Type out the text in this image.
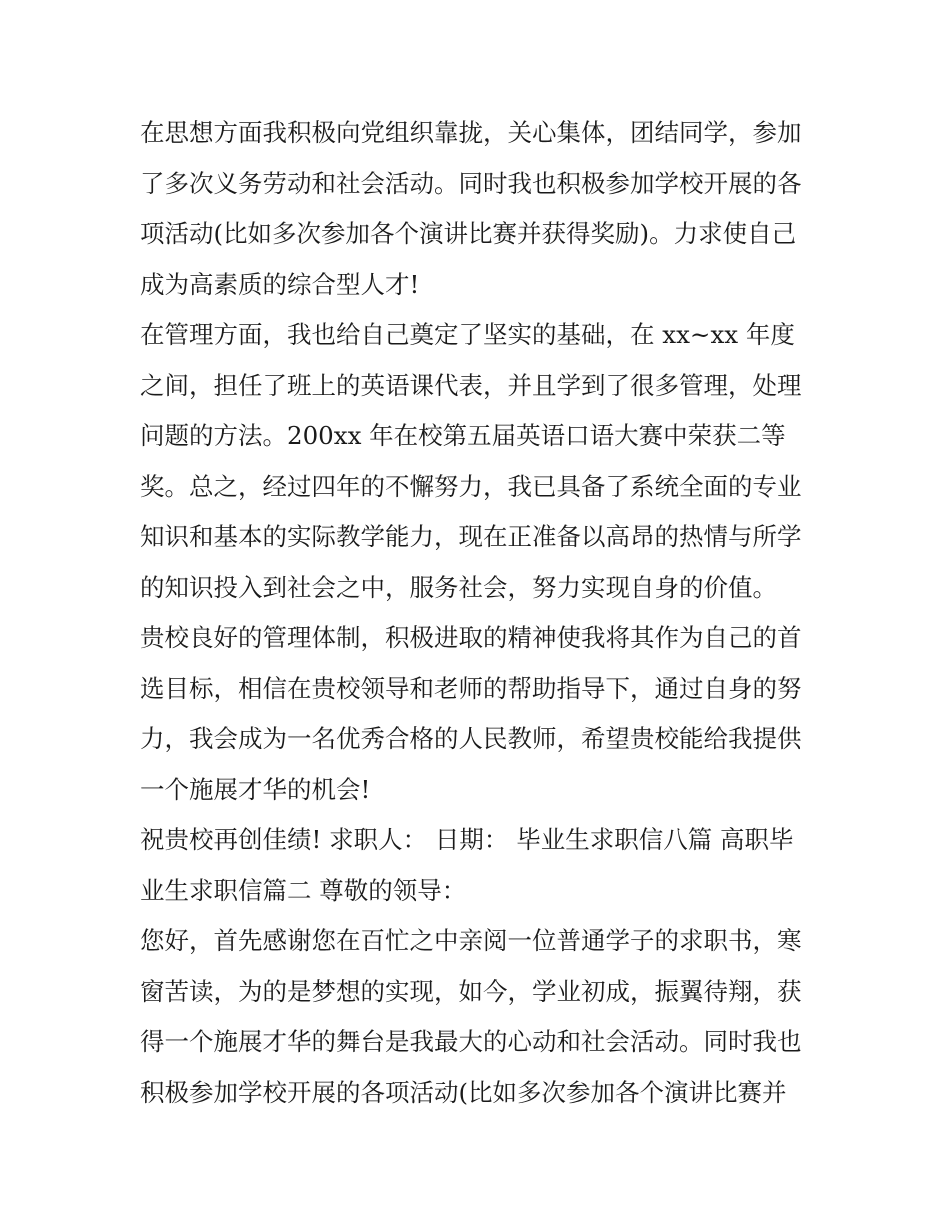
在思想方面我积极向党组织靠拢，关心集体，团结同学，参加
了多次义务劳动和社会活动。同时我也积极参加学校开展的各
项活动(比如多次参加各个演讲比赛并获得奖励)。力求使自己
成为高素质的综合型人才!
在管理方面，我也给自己奠定了坚实的基础，在 xx~xx 年度
之间，担任了班上的英语课代表，并且学到了很多管理，处理
问题的方法。200xx 年在校第五届英语口语大赛中荣获二等
奖。总之，经过四年的不懈努力，我已具备了系统全面的专业
知识和基本的实际教学能力，现在正准备以高昂的热情与所学
的知识投入到社会之中，服务社会，努力实现自身的价值。
贵校良好的管理体制，积极进取的精神使我将其作为自己的首
选目标，相信在贵校领导和老师的帮助指导下，通过自身的努
力，我会成为一名优秀合格的人民教师，希望贵校能给我提供
一个施展才华的机会!
祝贵校再创佳绩! 求职人： 日期： 毕业生求职信八篇 高职毕
业生求职信篇二 尊敬的领导：
您好，首先感谢您在百忙之中亲阅一位普通学子的求职书，寒
窗苦读，为的是梦想的实现，如今，学业初成，振翼待翔，获
得一个施展才华的舞台是我最大的心动和社会活动。同时我也
积极参加学校开展的各项活动(比如多次参加各个演讲比赛并
